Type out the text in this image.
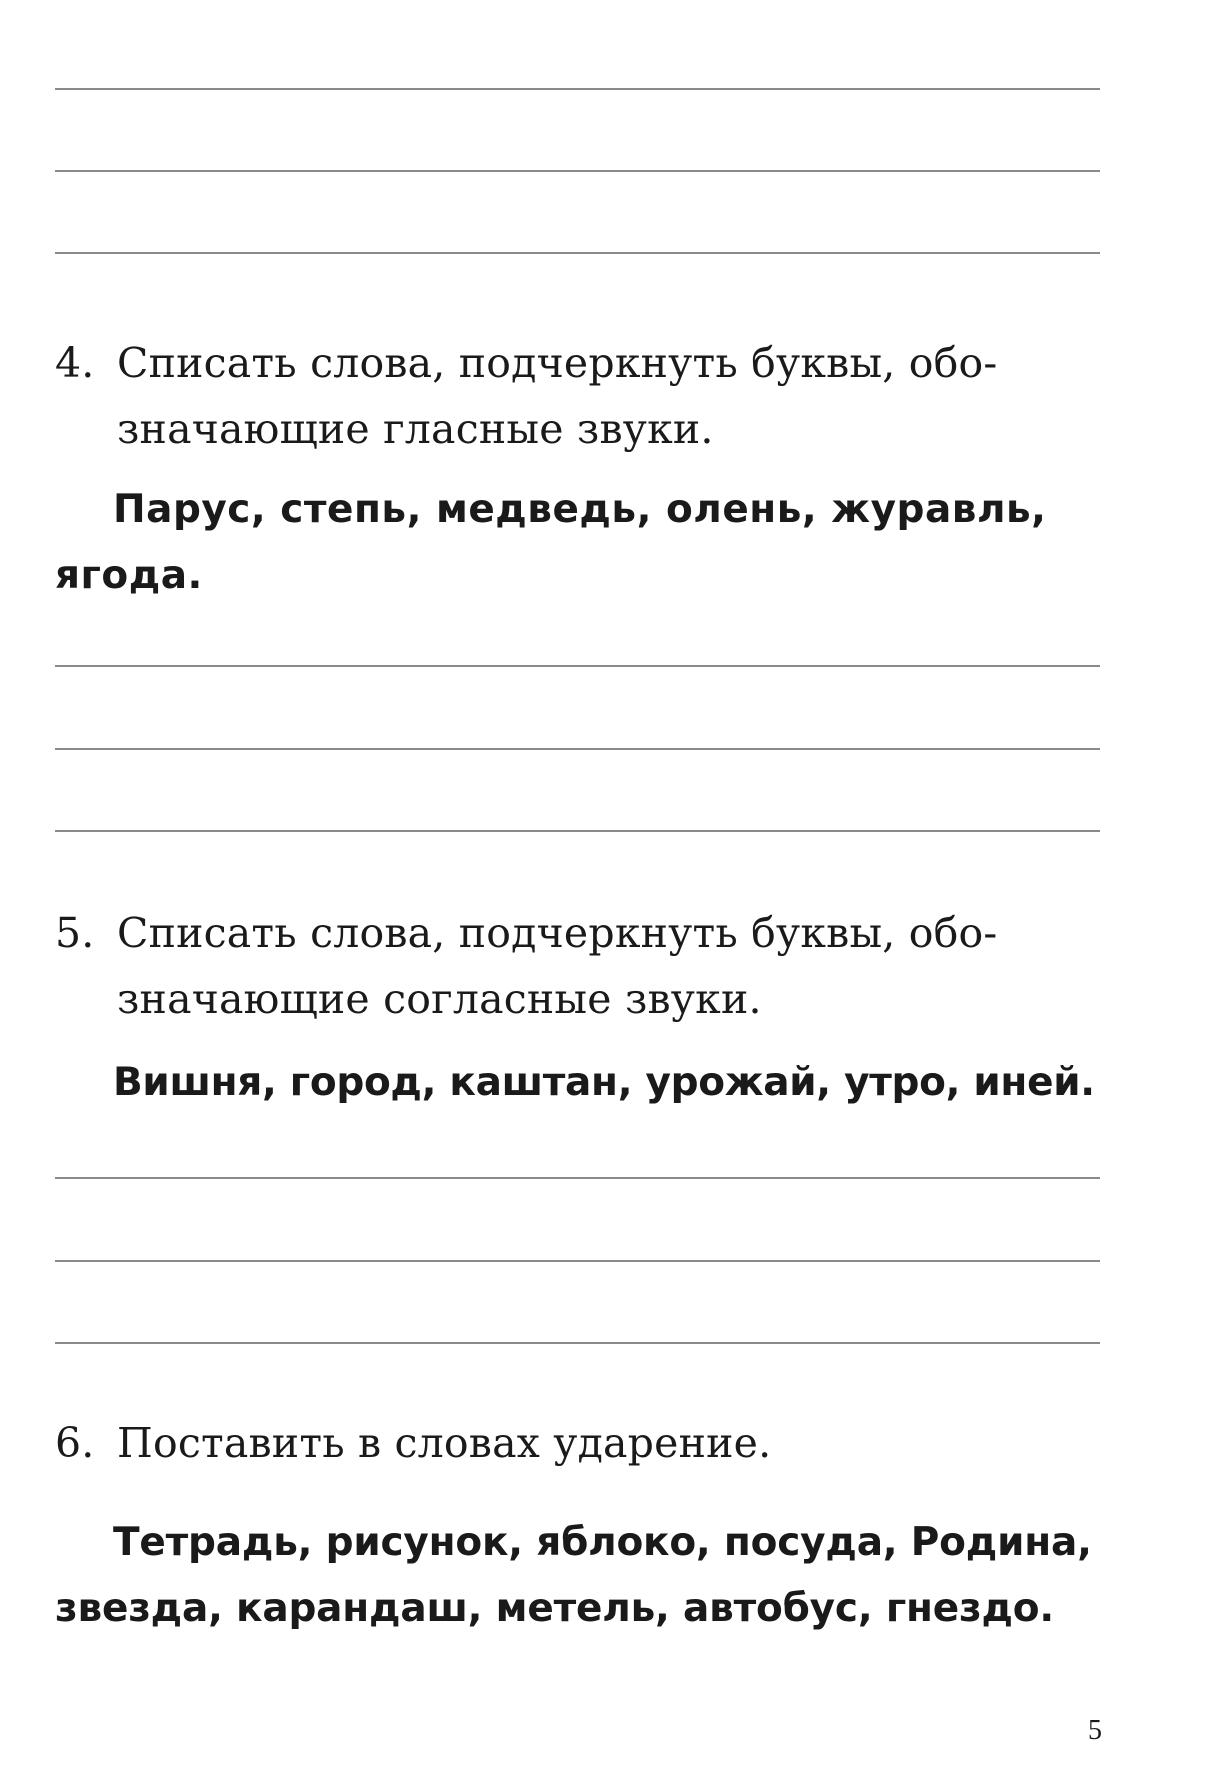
4. Списать слова, подчеркнуть буквы, обо-
значающие гласные звуки.
Парус, степь, медведь, олень, журавль, ягода.
5. Списать слова, подчеркнуть буквы, обо-
значающие согласные звуки.
Вишня, город, каштан, урожай, утро, иней.
6. Поставить в словах ударение.
Тетрадь, рисунок, яблоко, посуда, Родина, звезда, карандаш, метель, автобус, гнездо.
5
